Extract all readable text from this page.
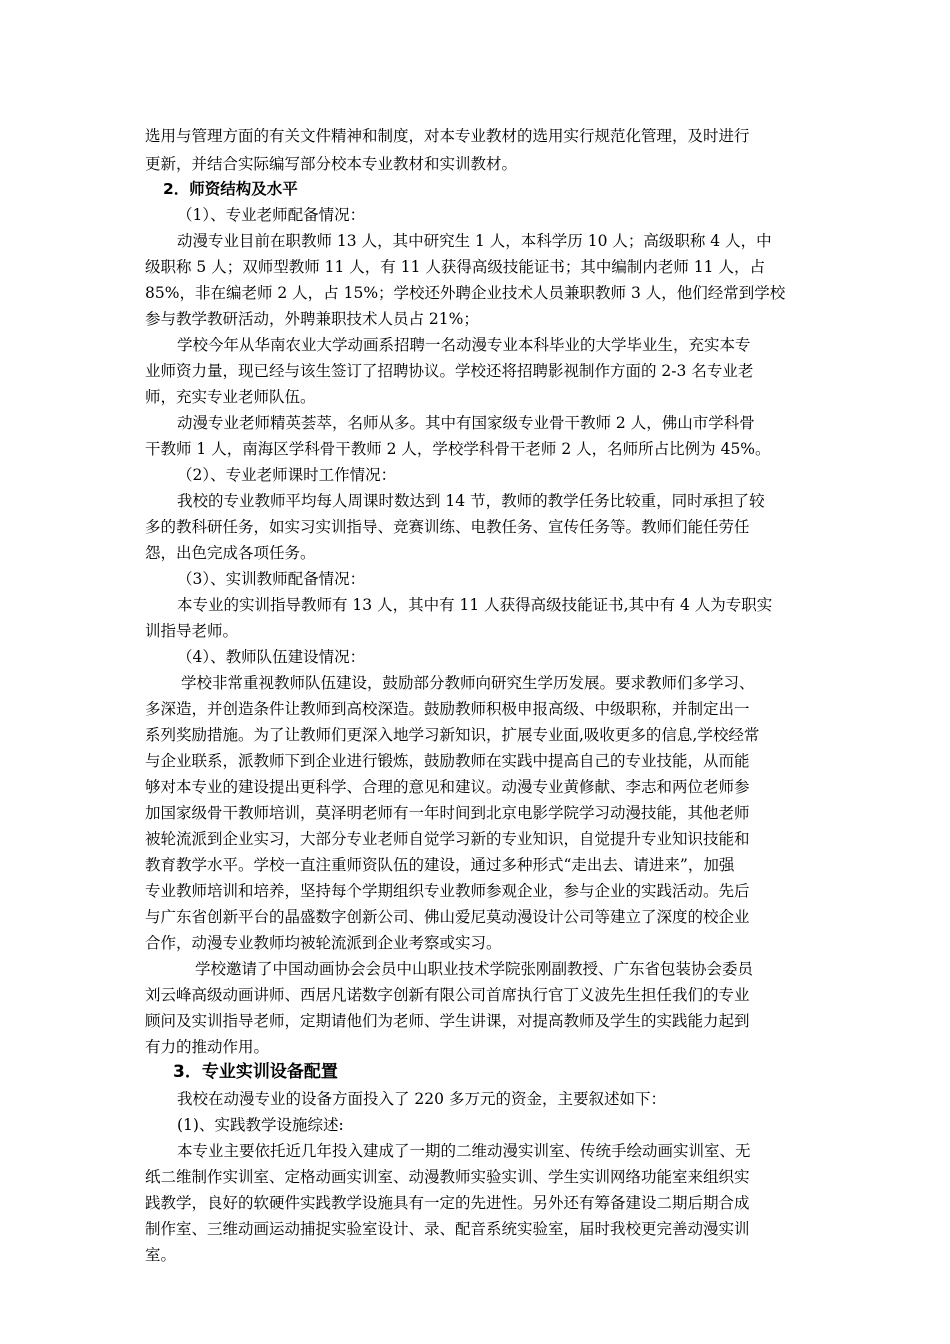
选用与管理方面的有关文件精神和制度，对本专业教材的选用实行规范化管理，及时进行
更新，并结合实际编写部分校本专业教材和实训教材。
2．师资结构及水平
（1）、专业老师配备情况：
动漫专业目前在职教师 13 人，其中研究生 1 人，本科学历 10 人；高级职称 4 人，中
级职称 5 人；双师型教师 11 人，有 11 人获得高级技能证书；其中编制内老师 11 人，占
85%，非在编老师 2 人，占 15%；学校还外聘企业技术人员兼职教师 3 人，他们经常到学校
参与教学教研活动，外聘兼职技术人员占 21%；
学校今年从华南农业大学动画系招聘一名动漫专业本科毕业的大学毕业生，充实本专
业师资力量，现已经与该生签订了招聘协议。学校还将招聘影视制作方面的 2-3 名专业老
师，充实专业老师队伍。
动漫专业老师精英荟萃，名师从多。其中有国家级专业骨干教师 2 人，佛山市学科骨
干教师 1 人，南海区学科骨干教师 2 人，学校学科骨干老师 2 人，名师所占比例为 45%。
（2）、专业老师课时工作情况：
我校的专业教师平均每人周课时数达到 14 节，教师的教学任务比较重，同时承担了较
多的教科研任务，如实习实训指导、竞赛训练、电教任务、宣传任务等。教师们能任劳任
怨，出色完成各项任务。
（3）、实训教师配备情况：
本专业的实训指导教师有 13 人，其中有 11 人获得高级技能证书,其中有 4 人为专职实
训指导老师。
（4）、教师队伍建设情况：
学校非常重视教师队伍建设，鼓励部分教师向研究生学历发展。要求教师们多学习、
多深造，并创造条件让教师到高校深造。鼓励教师积极申报高级、中级职称，并制定出一
系列奖励措施。为了让教师们更深入地学习新知识，扩展专业面,吸收更多的信息,学校经常
与企业联系，派教师下到企业进行锻炼，鼓励教师在实践中提高自己的专业技能，从而能
够对本专业的建设提出更科学、合理的意见和建议。动漫专业黄修献、李志和两位老师参
加国家级骨干教师培训，莫泽明老师有一年时间到北京电影学院学习动漫技能，其他老师
被轮流派到企业实习，大部分专业老师自觉学习新的专业知识，自觉提升专业知识技能和
教育教学水平。学校一直注重师资队伍的建设，通过多种形式“走出去、请进来”，加强
专业教师培训和培养，坚持每个学期组织专业教师参观企业，参与企业的实践活动。先后
与广东省创新平台的晶盛数字创新公司、佛山爱尼莫动漫设计公司等建立了深度的校企业
合作，动漫专业教师均被轮流派到企业考察或实习。
学校邀请了中国动画协会会员中山职业技术学院张刚副教授、广东省包装协会委员
刘云峰高级动画讲师、西居凡诺数字创新有限公司首席执行官丁义波先生担任我们的专业
顾问及实训指导老师，定期请他们为老师、学生讲课，对提高教师及学生的实践能力起到
有力的推动作用。
3．专业实训设备配置
我校在动漫专业的设备方面投入了 220 多万元的资金，主要叙述如下：
(1)、实践教学设施综述:
本专业主要依托近几年投入建成了一期的二维动漫实训室、传统手绘动画实训室、无
纸二维制作实训室、定格动画实训室、动漫教师实验实训、学生实训网络功能室来组织实
践教学，良好的软硬件实践教学设施具有一定的先进性。另外还有筹备建设二期后期合成
制作室、三维动画运动捕捉实验室设计、录、配音系统实验室，届时我校更完善动漫实训
室。
